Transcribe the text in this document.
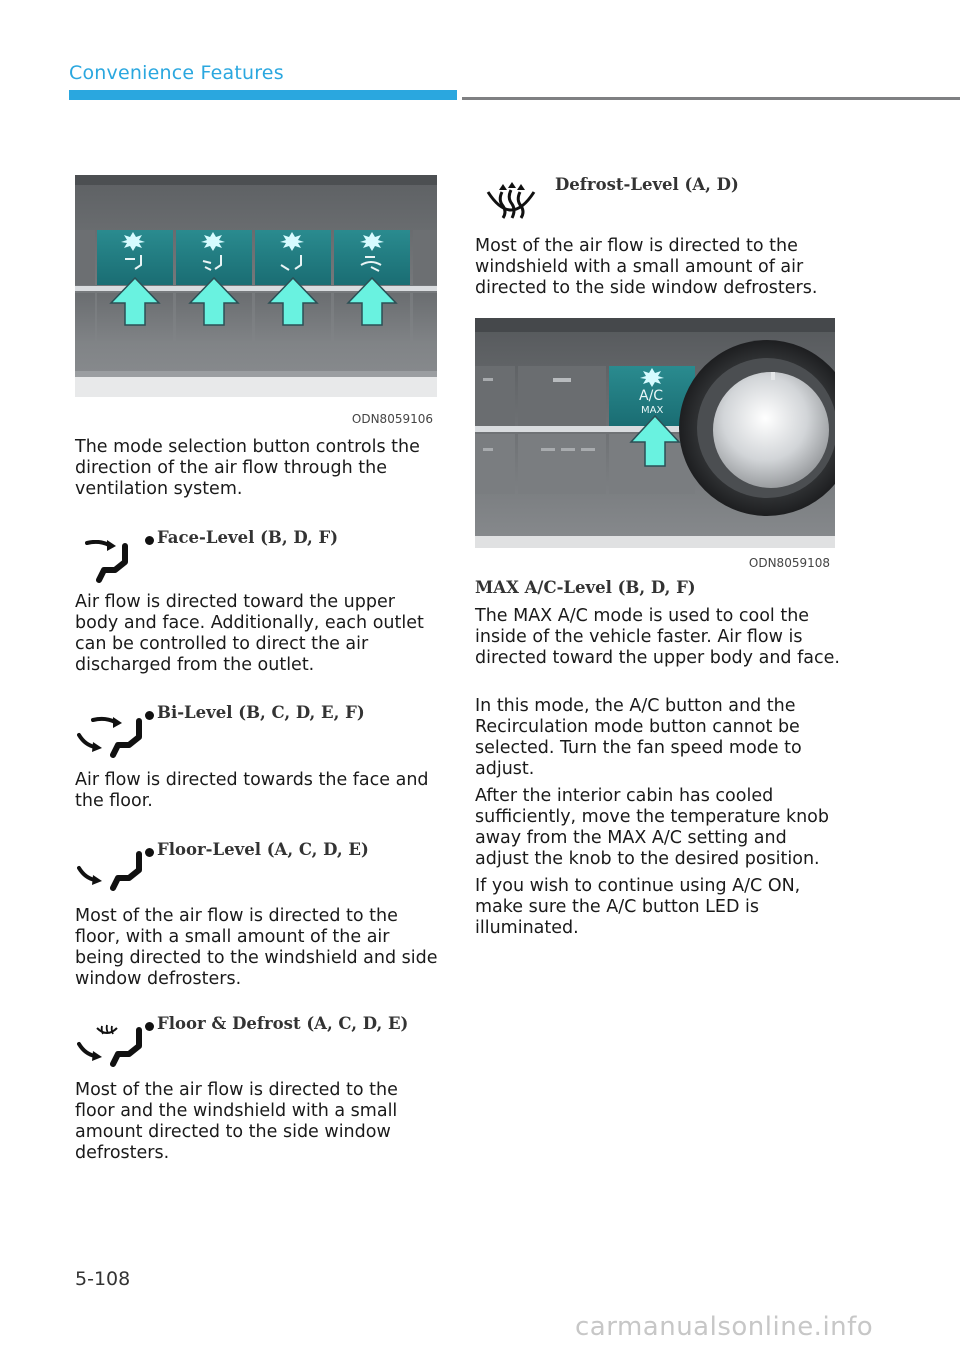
Convenience Features
ODN8059106
The mode selection button controls the direction of the air flow through the ventilation system.
Face-Level (B, D, F)
Air flow is directed toward the upper body and face. Additionally, each outlet can be controlled to direct the air discharged from the outlet.
Bi-Level (B, C, D, E, F)
Air flow is directed towards the face and the floor.
Floor-Level (A, C, D, E)
Most of the air flow is directed to the floor, with a small amount of the air being directed to the windshield and side window defrosters.
Floor & Defrost (A, C, D, E)
Most of the air flow is directed to the floor and the windshield with a small amount directed to the side window defrosters.
Defrost-Level (A, D)
Most of the air flow is directed to the windshield with a small amount of air directed to the side window defrosters.
A/C
MAX
ODN8059108
MAX A/C-Level (B, D, F)
The MAX A/C mode is used to cool the inside of the vehicle faster. Air flow is directed toward the upper body and face.
In this mode, the A/C button and the Recirculation mode button cannot be selected. Turn the fan speed mode to adjust.
After the interior cabin has cooled sufficiently, move the temperature knob away from the MAX A/C setting and adjust the knob to the desired position.
If you wish to continue using A/C ON, make sure the A/C button LED is illuminated.
5-108
carmanualsonline.info
